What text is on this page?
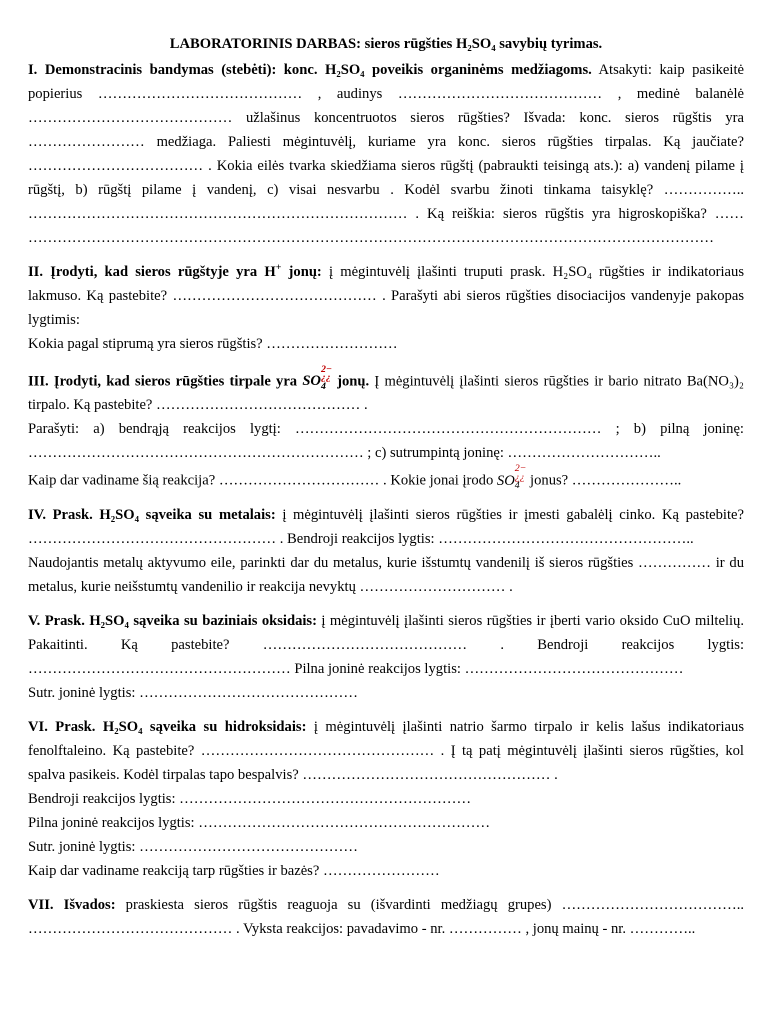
LABORATORINIS DARBAS: sieros rūgšties H₂SO₄ savybių tyrimas.

I. Demonstracinis bandymas (stebėti): konc. H₂SO₄ poveikis organinėms medžiagoms. Atsakyti: kaip pasikeitė popierius …………………………………… , audinys …………………………………… , medinė balanėlė …………………………………… užlašinus koncentruotos sieros rūgšties? Išvada: konc. sieros rūgštis yra …………………… medžiaga. Paliesti mėgintuvėlį, kuriame yra konc. sieros rūgšties tirpalas. Ką jaučiate? ……………………………… . Kokia eilės tvarka skiedžiama sieros rūgštį (pabraukti teisingą ats.): a) vandenį pilame į rūgštį, b) rūgštį pilame į vandenį, c) visai nesvarbu . Kodėl svarbu žinoti tinkama taisyklę? …………….. …………………………………………………………………… . Ką reiškia: sieros rūgštis yra higroskopiška? …… ……………………………………………………………………………………………………………………………

II. Įrodyti, kad sieros rūgštyje yra H+ jonų: į mėgintuvėlį įlašinti truputi prask. H₂SO₄ rūgšties ir indikatoriaus lakmuso. Ką pastebite? …………………………………… . Parašyti abi sieros rūgšties disociacijos vandenyje pakopas lygtimis:

Kokia pagal stiprumą yra sieros rūgštis? ………………………

III. Įrodyti, kad sieros rūgšties tirpale yra SO
2−
¿¿
4 jonų. Į mėgintuvėlį įlašinti sieros rūgšties ir bario nitrato Ba(NO₃)₂ tirpalo. Ką pastebite? …………………………………… .

Parašyti: a) bendrąją reakcijos lygtį: ……………………………………………………… ; b) pilną joninę: …………………………………………………………… ; c) sutrumpintą joninę: …………………………..
Kaip dar vadiname šią reakcija? …………………………… . Kokie jonai įrodo SO
2−
¿¿
4 jonus? …………………..

IV. Prask. H₂SO₄ sąveika su metalais: į mėgintuvėlį įlašinti sieros rūgšties ir įmesti gabalėlį cinko. Ką pastebite? …………………………………………… . Bendroji reakcijos lygtis: ……………………………………………..

Naudojantis metalų aktyvumo eile, parinkti dar du metalus, kurie išstumtų vandenilį iš sieros rūgšties …………… ir du metalus, kurie neišstumtų vandenilio ir reakcija nevyktų ………………………… .

V. Prask. H₂SO₄ sąveika su baziniais oksidais: į mėgintuvėlį įlašinti sieros rūgšties ir įberti vario oksido CuO miltelių. Pakaitinti. Ką pastebite? …………………………………… . Bendroji reakcijos lygtis: ……………………………………………… Pilna joninė reakcijos lygtis: ………………………………………

Sutr. joninė lygtis: ………………………………………

VI. Prask. H₂SO₄ sąveika su hidroksidais: į mėgintuvėlį įlašinti natrio šarmo tirpalo ir kelis lašus indikatoriaus fenolftaleino. Ką pastebite? ………………………………………… . Į tą patį mėgintuvėlį įlašinti sieros rūgšties, kol spalva pasikeis. Kodėl tirpalas tapo bespalvis? …………………………………………… .

Bendroji reakcijos lygtis: ……………………………………………………
Pilna joninė reakcijos lygtis: ……………………………………………………
Sutr. joninė lygtis: ………………………………………
Kaip dar vadiname reakciją tarp rūgšties ir bazės? ……………………

VII. Išvados: praskiesta sieros rūgštis reaguoja su (išvardinti medžiagų grupes) ……………………………….. …………………………………… . Vyksta reakcijos: pavadavimo - nr. …………… , jonų mainų - nr. …………..
